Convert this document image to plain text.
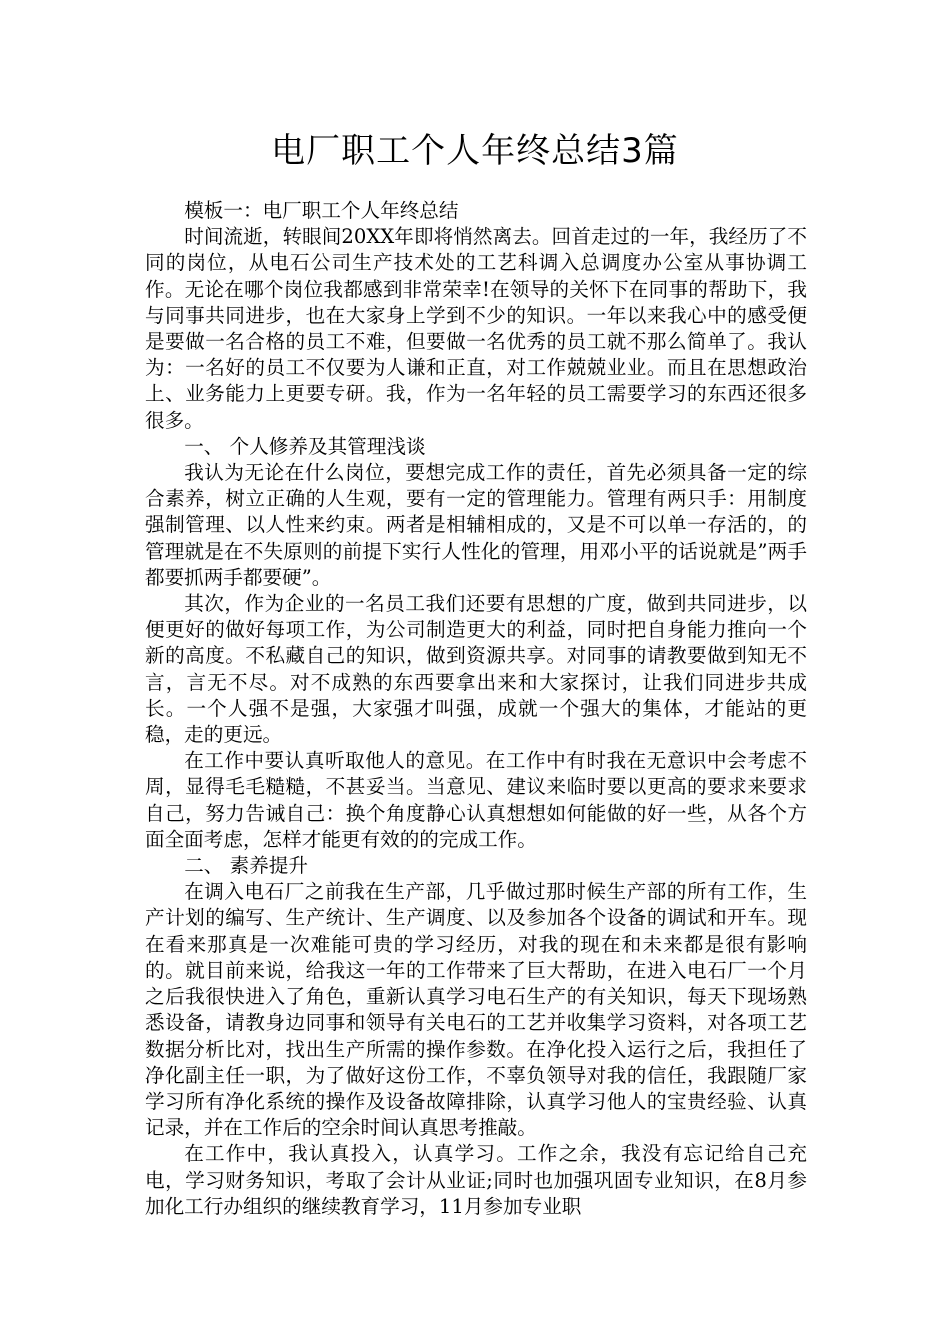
电厂职工个人年终总结3篇

模板一：电厂职工个人年终总结

时间流逝，转眼间20XX年即将悄然离去。回首走过的一年，我经历了不同的岗位，从电石公司生产技术处的工艺科调入总调度办公室从事协调工作。无论在哪个岗位我都感到非常荣幸!在领导的关怀下在同事的帮助下，我与同事共同进步，也在大家身上学到不少的知识。一年以来我心中的感受便是要做一名合格的员工不难，但要做一名优秀的员工就不那么简单了。我认为：一名好的员工不仅要为人谦和正直，对工作兢兢业业。而且在思想政治上、业务能力上更要专研。我，作为一名年轻的员工需要学习的东西还很多很多。

一、 个人修养及其管理浅谈

我认为无论在什么岗位，要想完成工作的责任，首先必须具备一定的综合素养，树立正确的人生观，要有一定的管理能力。管理有两只手：用制度强制管理、以人性来约束。两者是相辅相成的，又是不可以单一存活的，的管理就是在不失原则的前提下实行人性化的管理，用邓小平的话说就是”两手都要抓两手都要硬”。

其次，作为企业的一名员工我们还要有思想的广度，做到共同进步，以便更好的做好每项工作，为公司制造更大的利益，同时把自身能力推向一个新的高度。不私藏自己的知识，做到资源共享。对同事的请教要做到知无不言，言无不尽。对不成熟的东西要拿出来和大家探讨，让我们同进步共成长。一个人强不是强，大家强才叫强，成就一个强大的集体，才能站的更稳，走的更远。

在工作中要认真听取他人的意见。在工作中有时我在无意识中会考虑不周，显得毛毛糙糙，不甚妥当。当意见、建议来临时要以更高的要求来要求自己，努力告诫自己：换个角度静心认真想想如何能做的好一些，从各个方面全面考虑，怎样才能更有效的的完成工作。

二、 素养提升

在调入电石厂之前我在生产部，几乎做过那时候生产部的所有工作，生产计划的编写、生产统计、生产调度、以及参加各个设备的调试和开车。现在看来那真是一次难能可贵的学习经历，对我的现在和未来都是很有影响的。就目前来说，给我这一年的工作带来了巨大帮助，在进入电石厂一个月之后我很快进入了角色，重新认真学习电石生产的有关知识，每天下现场熟悉设备，请教身边同事和领导有关电石的工艺并收集学习资料，对各项工艺数据分析比对，找出生产所需的操作参数。在净化投入运行之后，我担任了净化副主任一职，为了做好这份工作，不辜负领导对我的信任，我跟随厂家学习所有净化系统的操作及设备故障排除，认真学习他人的宝贵经验、认真记录，并在工作后的空余时间认真思考推敲。

在工作中，我认真投入，认真学习。工作之余，我没有忘记给自己充电，学习财务知识，考取了会计从业证;同时也加强巩固专业知识，在8月参加化工行办组织的继续教育学习，11月参加专业职
